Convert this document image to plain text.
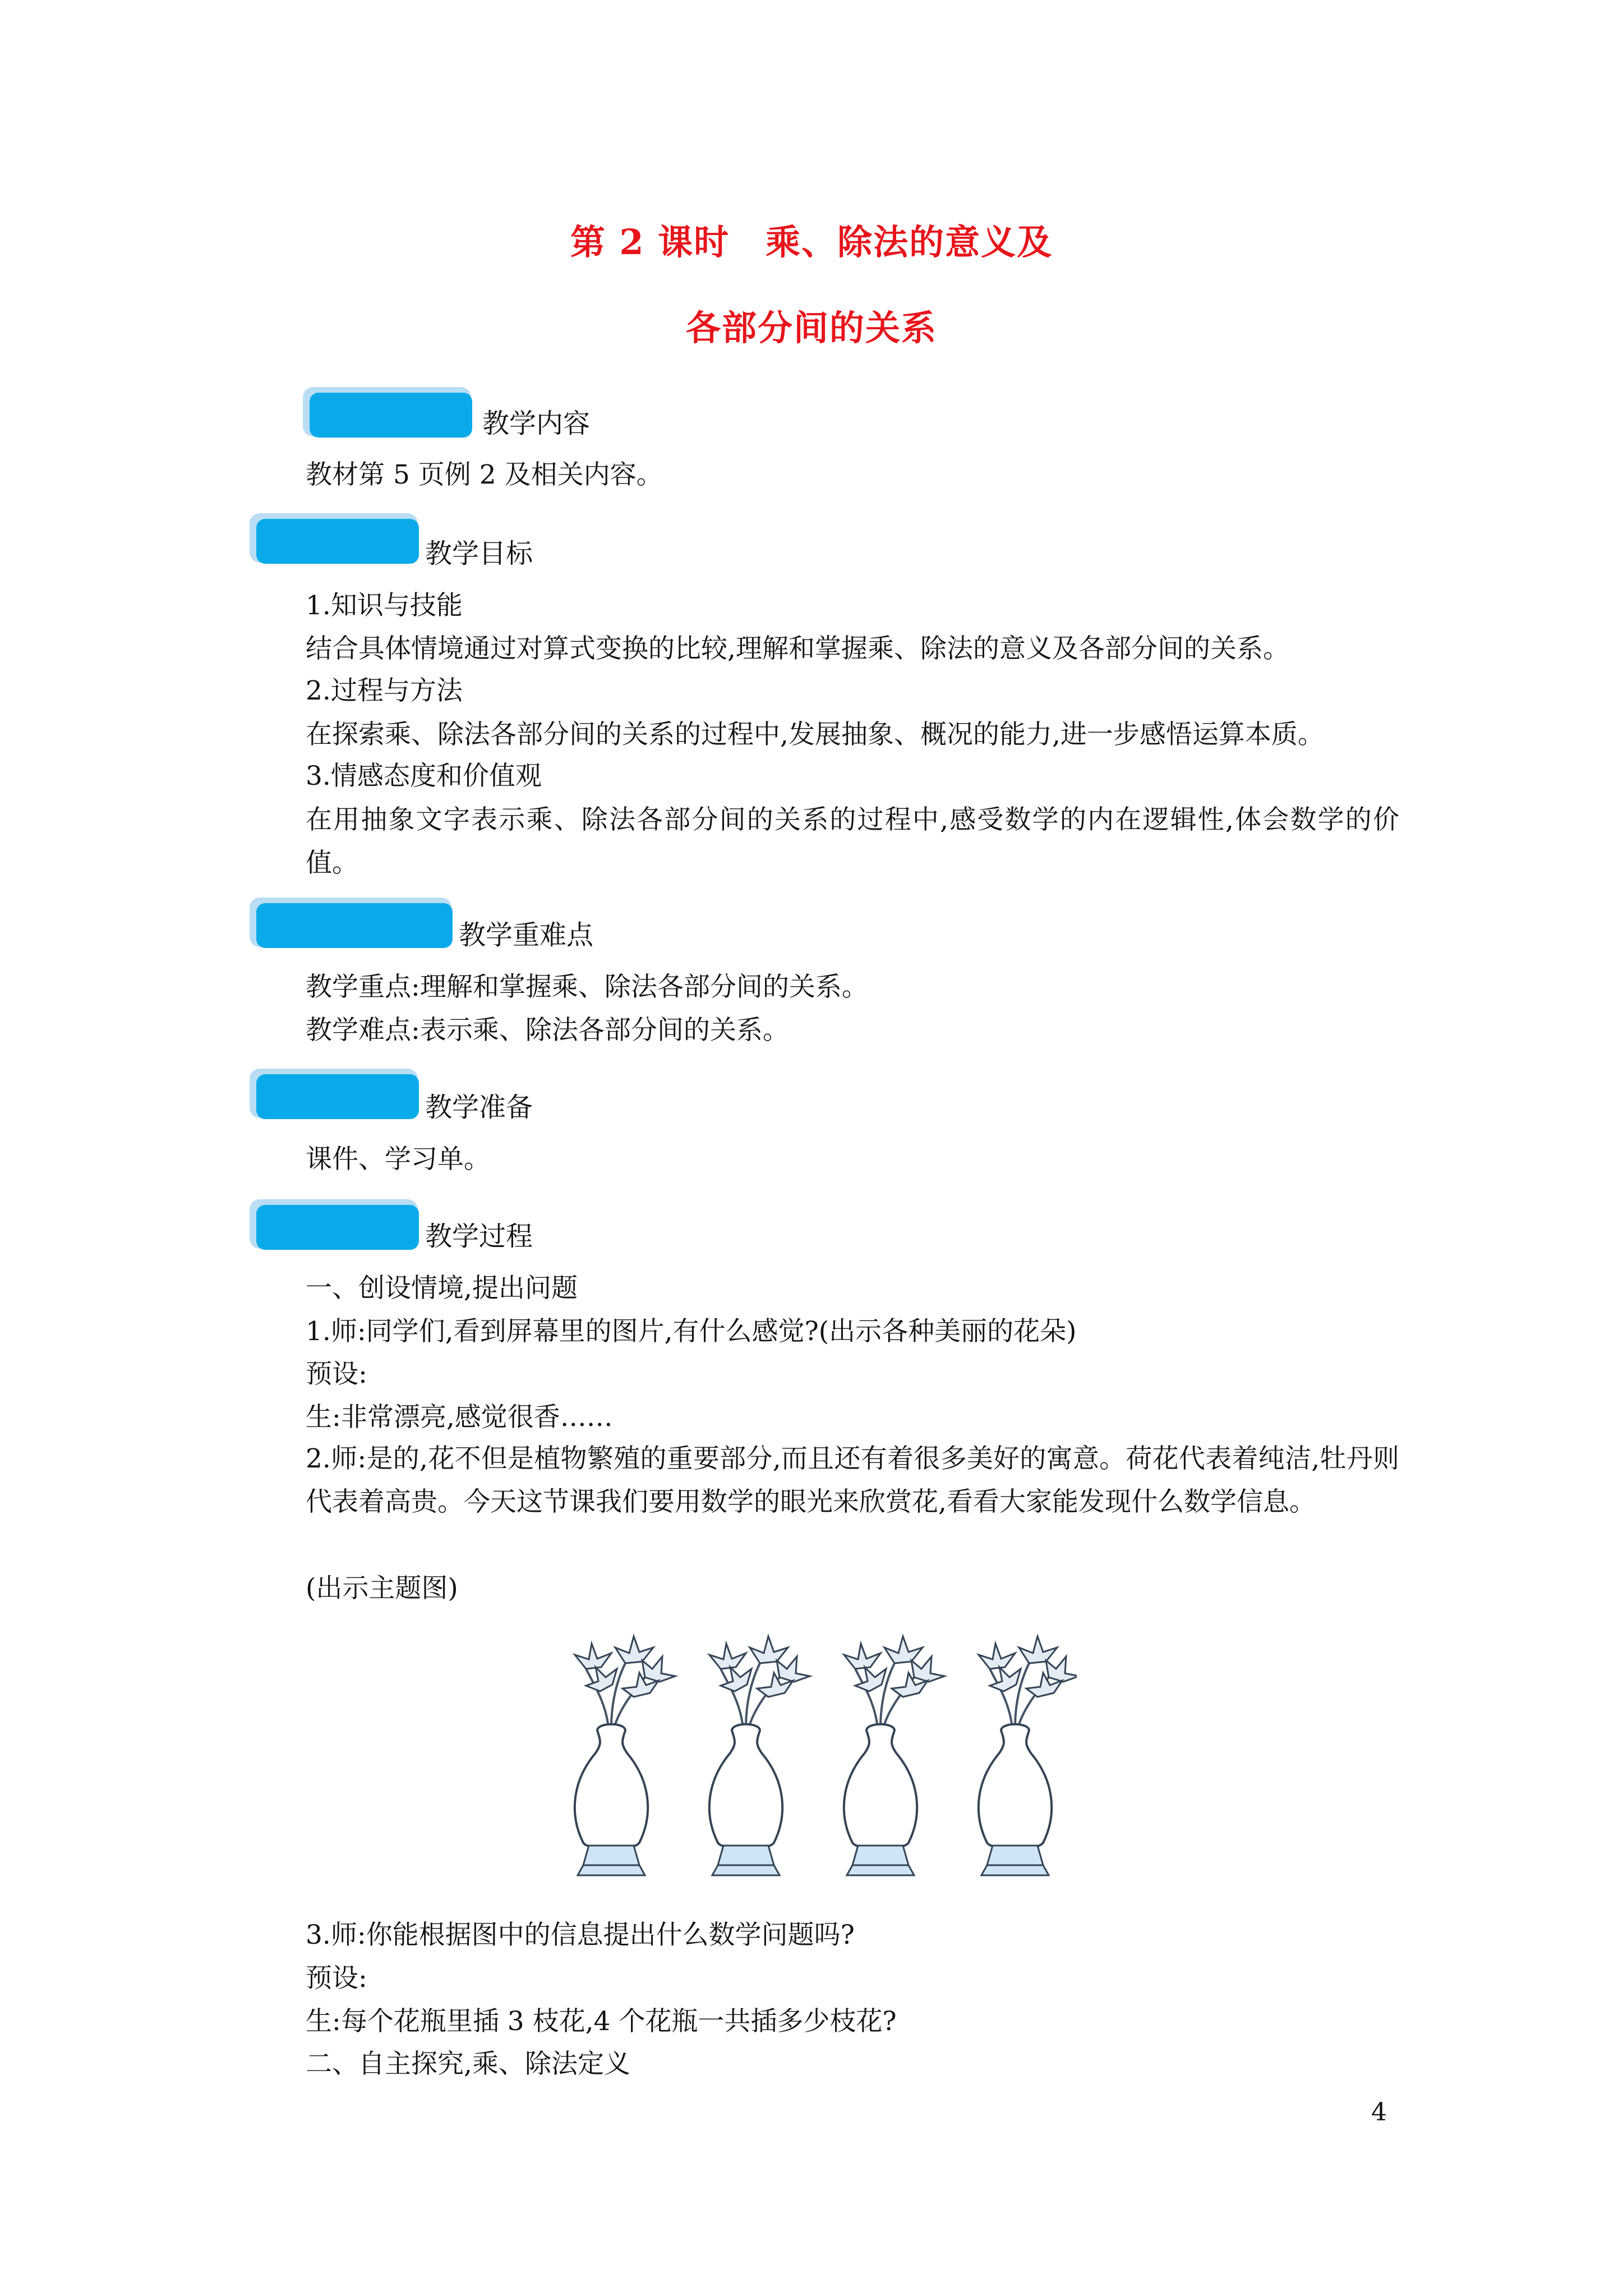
第 2 课时　乘、除法的意义及
各部分间的关系

教学内容

教材第 5 页例 2 及相关内容。

教学目标

1.知识与技能

结合具体情境通过对算式变换的比较,理解和掌握乘、除法的意义及各部分间的关系。

2.过程与方法

在探索乘、除法各部分间的关系的过程中,发展抽象、概况的能力,进一步感悟运算本质。

3.情感态度和价值观

在用抽象文字表示乘、除法各部分间的关系的过程中,感受数学的内在逻辑性,体会数学的价值。

教学重难点

教学重点:理解和掌握乘、除法各部分间的关系。

教学难点:表示乘、除法各部分间的关系。

教学准备

课件、学习单。

教学过程

一、创设情境,提出问题

1.师:同学们,看到屏幕里的图片,有什么感觉?(出示各种美丽的花朵)

预设:

生:非常漂亮,感觉很香……

2.师:是的,花不但是植物繁殖的重要部分,而且还有着很多美好的寓意。荷花代表着纯洁,牡丹则代表着高贵。今天这节课我们要用数学的眼光来欣赏花,看看大家能发现什么数学信息。

(出示主题图)

3.师:你能根据图中的信息提出什么数学问题吗?

预设:

生:每个花瓶里插 3 枝花,4 个花瓶一共插多少枝花?

二、自主探究,乘、除法定义

4
